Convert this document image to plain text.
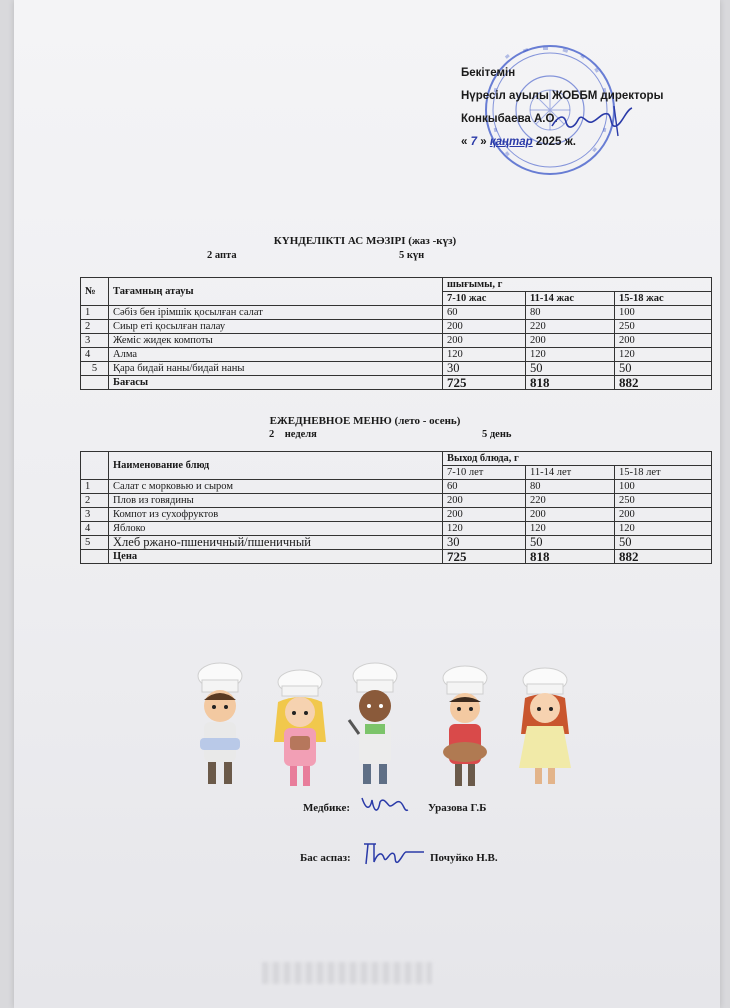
Бекітемін
Нүресіл ауылы ЖОББМ директоры
Конкыбаева А.О.
« 7 » қаңтар 2025 ж.
КҮНДЕЛІКТІ АС МӘЗІРІ (жаз -күз)
2 апта	5 күн
№	Тағамның атауы	шығымы, г		
		7-10 жас	11-14 жас	15-18 жас
1	Сәбіз бен ірімшік қосылған салат	60	80	100
2	Сиыр еті қосылған палау	200	220	250
3	Жеміс жидек компоты	200	200	200
4	Алма	120	120	120
5	Қара бидай наны/бидай наны	30	50	50
	Бағасы	725	818	882
ЕЖЕДНЕВНОЕ МЕНЮ (лето - осень)
2    неделя	5 день
	Наименование блюд	Выход блюда, г		
		7-10 лет	11-14 лет	15-18 лет
1	Салат с морковью и сыром	60	80	100
2	Плов из говядины	200	220	250
3	Компот из сухофруктов	200	200	200
4	Яблоко	120	120	120
5	Хлеб ржано-пшеничный/пшеничный	30	50	50
	Цена	725	818	882
Медбике:	Уразова Г.Б
Бас аспаз:	Почуйко Н.В.
